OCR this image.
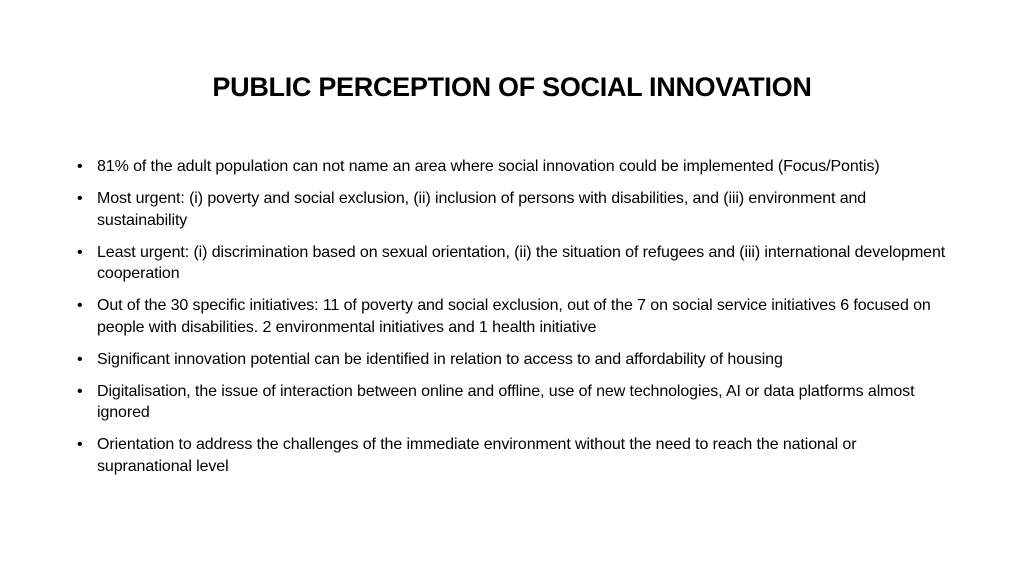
PUBLIC PERCEPTION OF SOCIAL INNOVATION
• 81% of the adult population can not name an area where social innovation could be implemented (Focus/Pontis)
• Most urgent: (i) poverty and social exclusion, (ii) inclusion of persons with disabilities, and (iii) environment and sustainability
• Least urgent: (i) discrimination based on sexual orientation, (ii) the situation of refugees and (iii) international development cooperation
• Out of the 30 specific initiatives: 11 of poverty and social exclusion, out of the 7 on social service initiatives 6 focused on people with disabilities. 2 environmental initiatives and 1 health initiative
• Significant innovation potential can be identified in relation to access to and affordability of housing
• Digitalisation, the issue of interaction between online and offline, use of new technologies, AI or data platforms almost ignored
• Orientation to address the challenges of the immediate environment without the need to reach the national or supranational level
